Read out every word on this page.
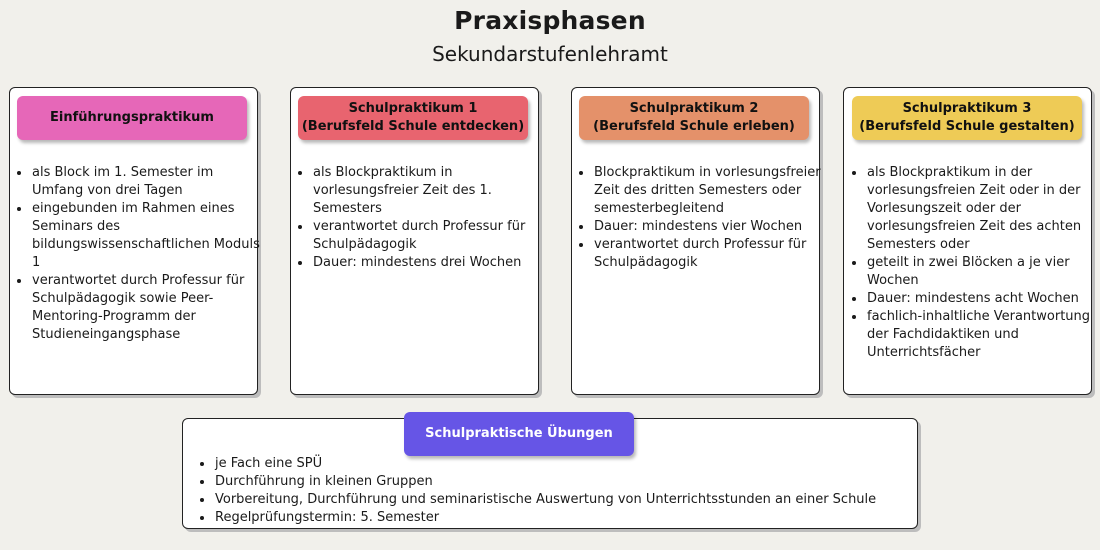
Praxisphasen
Sekundarstufenlehramt
Einführungspraktikum
Schulpraktikum 1
(Berufsfeld Schule entdecken)
Schulpraktikum 2
(Berufsfeld Schule erleben)
Schulpraktikum 3
(Berufsfeld Schule gestalten)
Schulpraktische Übungen
• als Block im 1. Semester im Umfang von drei Tagen
• eingebunden im Rahmen eines Seminars des bildungswissenschaftlichen Moduls 1
• verantwortet durch Professur für Schulpädagogik sowie Peer-Mentoring-Programm der Studieneingangsphase
• als Blockpraktikum in vorlesungsfreier Zeit des 1. Semesters
• verantwortet durch Professur für Schulpädagogik
• Dauer: mindestens drei Wochen
• Blockpraktikum in vorlesungsfreier Zeit des dritten Semesters oder semesterbegleitend
• Dauer: mindestens vier Wochen
• verantwortet durch Professur für Schulpädagogik
• als Blockpraktikum in der vorlesungsfreien Zeit oder in der Vorlesungszeit oder der vorlesungsfreien Zeit des achten Semesters oder
• geteilt in zwei Blöcken a je vier Wochen
• Dauer: mindestens acht Wochen
• fachlich-inhaltliche Verantwortung der Fachdidaktiken und Unterrichtsfächer
• je Fach eine SPÜ
• Durchführung in kleinen Gruppen
• Vorbereitung, Durchführung und seminaristische Auswertung von Unterrichtsstunden an einer Schule
• Regelprüfungstermin: 5. Semester
